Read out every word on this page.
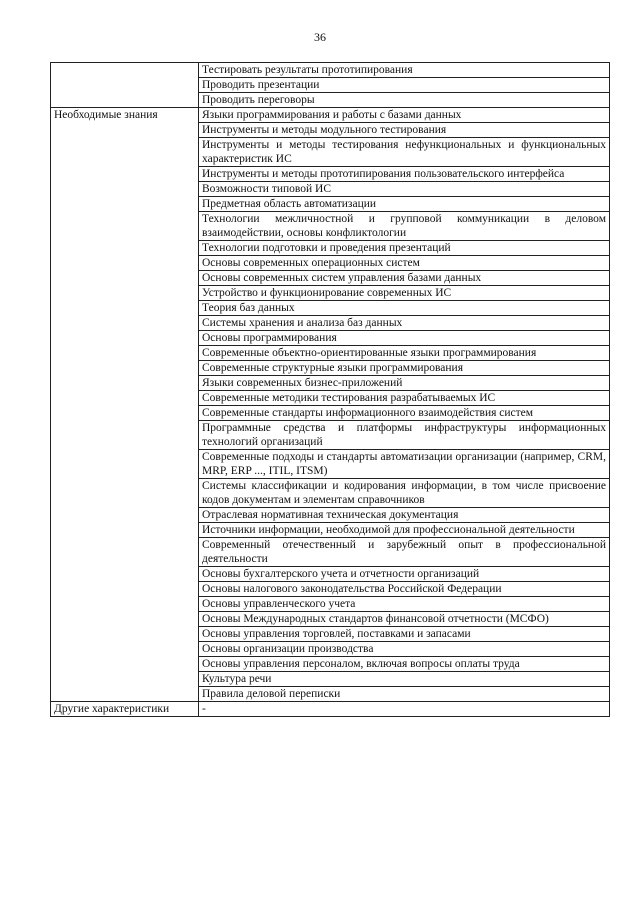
36

	Тестировать результаты прототипирования

	Проводить презентации

	Проводить переговоры

Необходимые знания	Языки программирования и работы с базами данных

	Инструменты и методы модульного тестирования

	Инструменты и методы тестирования нефункциональных и функциональных характеристик ИС

	Инструменты и методы прототипирования пользовательского интерфейса

	Возможности типовой ИС

	Предметная область автоматизации

	Технологии межличностной и групповой коммуникации в деловом взаимодействии, основы конфликтологии

	Технологии подготовки и проведения презентаций

	Основы современных операционных систем

	Основы современных систем управления базами данных

	Устройство и функционирование современных ИС

	Теория баз данных

	Системы хранения и анализа баз данных

	Основы программирования

	Современные объектно-ориентированные языки программирования

	Современные структурные языки программирования

	Языки современных бизнес-приложений

	Современные методики тестирования разрабатываемых ИС

	Современные стандарты информационного взаимодействия систем

	Программные средства и платформы инфраструктуры информационных технологий организаций

	Современные подходы и стандарты автоматизации организации (например, CRM, MRP, ERP ..., ITIL, ITSM)

	Системы классификации и кодирования информации, в том числе присвоение кодов документам и элементам справочников

	Отраслевая нормативная техническая документация

	Источники информации, необходимой для профессиональной деятельности

	Современный отечественный и зарубежный опыт в профессиональной деятельности

	Основы бухгалтерского учета и отчетности организаций

	Основы налогового законодательства Российской Федерации

	Основы управленческого учета

	Основы Международных стандартов финансовой отчетности (МСФО)

	Основы управления торговлей, поставками и запасами

	Основы организации производства

	Основы управления персоналом, включая вопросы оплаты труда

	Культура речи

	Правила деловой переписки

Другие характеристики	-
